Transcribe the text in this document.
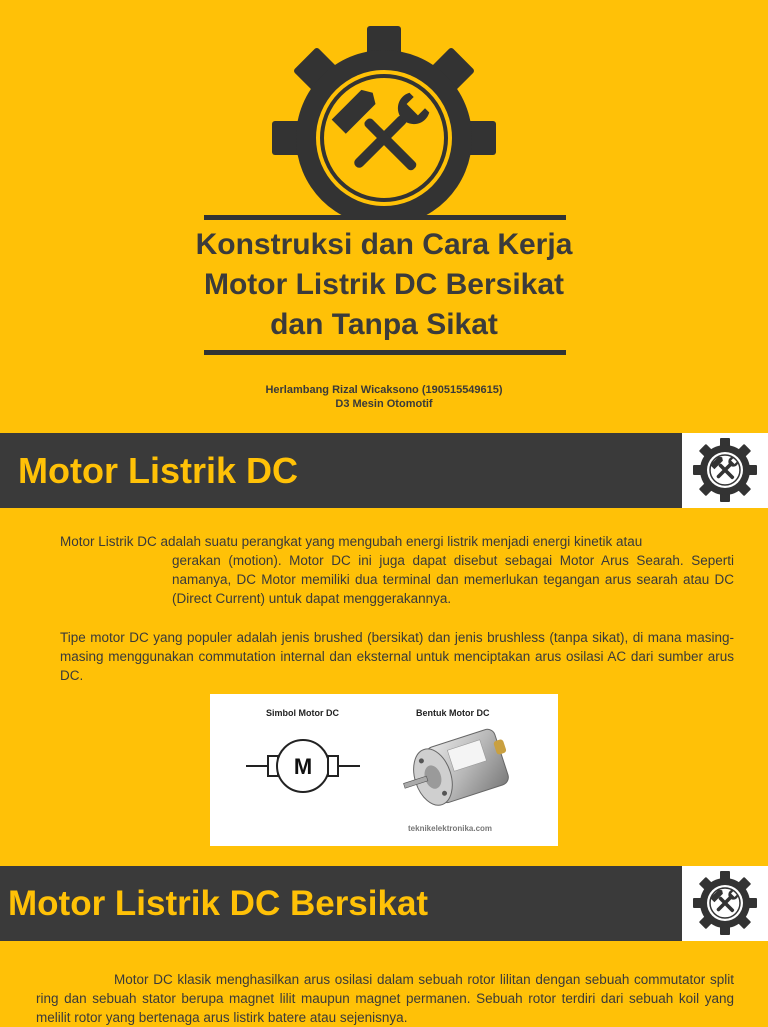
Konstruksi dan Cara Kerja
Motor Listrik DC Bersikat
dan Tanpa Sikat
Herlambang Rizal Wicaksono (190515549615)
D3 Mesin Otomotif
Motor Listrik DC

Motor Listrik DC adalah suatu perangkat yang mengubah energi listrik menjadi energi kinetik atau
gerakan (motion). Motor DC ini juga dapat disebut sebagai Motor Arus Searah. Seperti namanya, DC Motor memiliki dua terminal dan memerlukan tegangan arus searah atau DC (Direct Current) untuk dapat menggerakannya.

Tipe motor DC yang populer adalah jenis brushed (bersikat) dan jenis brushless (tanpa sikat), di mana masing-masing menggunakan commutation internal dan eksternal untuk menciptakan arus osilasi AC dari sumber arus DC.

Simbol Motor DC	Bentuk Motor DC
M
teknikelektronika.com
Motor Listrik DC Bersikat

Motor DC klasik menghasilkan arus osilasi dalam sebuah rotor lilitan dengan sebuah commutator split ring dan sebuah stator berupa magnet lilit maupun magnet permanen. Sebuah rotor terdiri dari sebuah koil yang melilit rotor yang bertenaga arus listirk batere atau sejenisnya.
